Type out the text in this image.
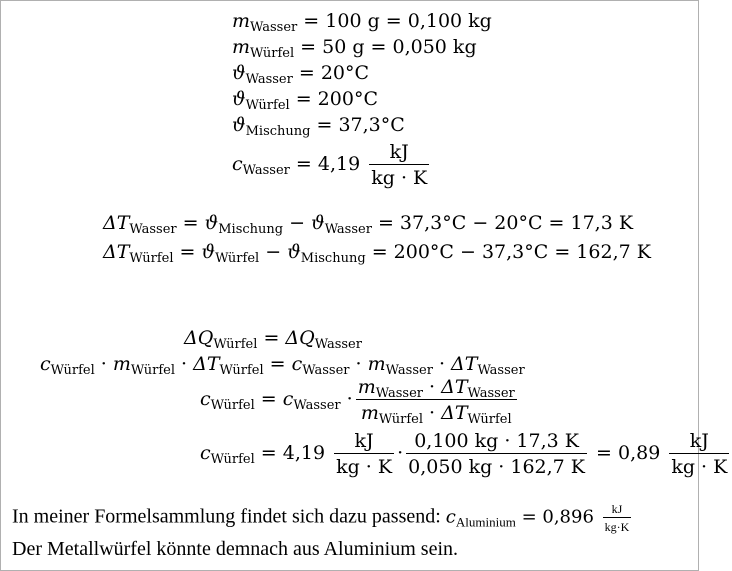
$m_{Wasser} = 100$ g = 0,100 kg
$m_{Würfel} = 50$ g = 0,050 kg
$ϑ_{Wasser} = 20^\circ C$
$ϑ_{Würfel} = 200^\circ C$
$ϑ_{Mischung} = 37,3^\circ C$
$c_{Wasser} = 4,19 \frac{kJ}{kg \cdot K}$
$\Delta T_{Wasser} = ϑ_{Mischung} - ϑ_{Wasser} = 37,3^\circ C - 20^\circ C = 17,3$ K
$\Delta T_{Würfel} = ϑ_{Würfel} - ϑ_{Mischung} = 200^\circ C - 37,3^\circ C = 162,7$ K
$\Delta Q_{Würfel} = \Delta Q_{Wasser}$
$c_{Würfel} \cdot m_{Würfel} \cdot \Delta T_{Würfel} = c_{Wasser} \cdot m_{Wasser} \cdot \Delta T_{Wasser}$
$c_{Würfel} = c_{Wasser} \cdot \frac{m_{Wasser} \cdot \Delta T_{Wasser}}{m_{Würfel} \cdot \Delta T_{Würfel}}$
$c_{Würfel} = 4,19 \frac{kJ}{kg \cdot K} \cdot \frac{0,100 kg \cdot 17,3 K}{0,050 kg \cdot 162,7 K} = 0,89 \frac{kJ}{kg \cdot K}$
In meiner Formelsammlung findet sich dazu passend: $c_{Aluminium} = 0,896 \frac{kJ}{kg\cdot K}$
Der Metallwürfel könnte demnach aus Aluminium sein.
